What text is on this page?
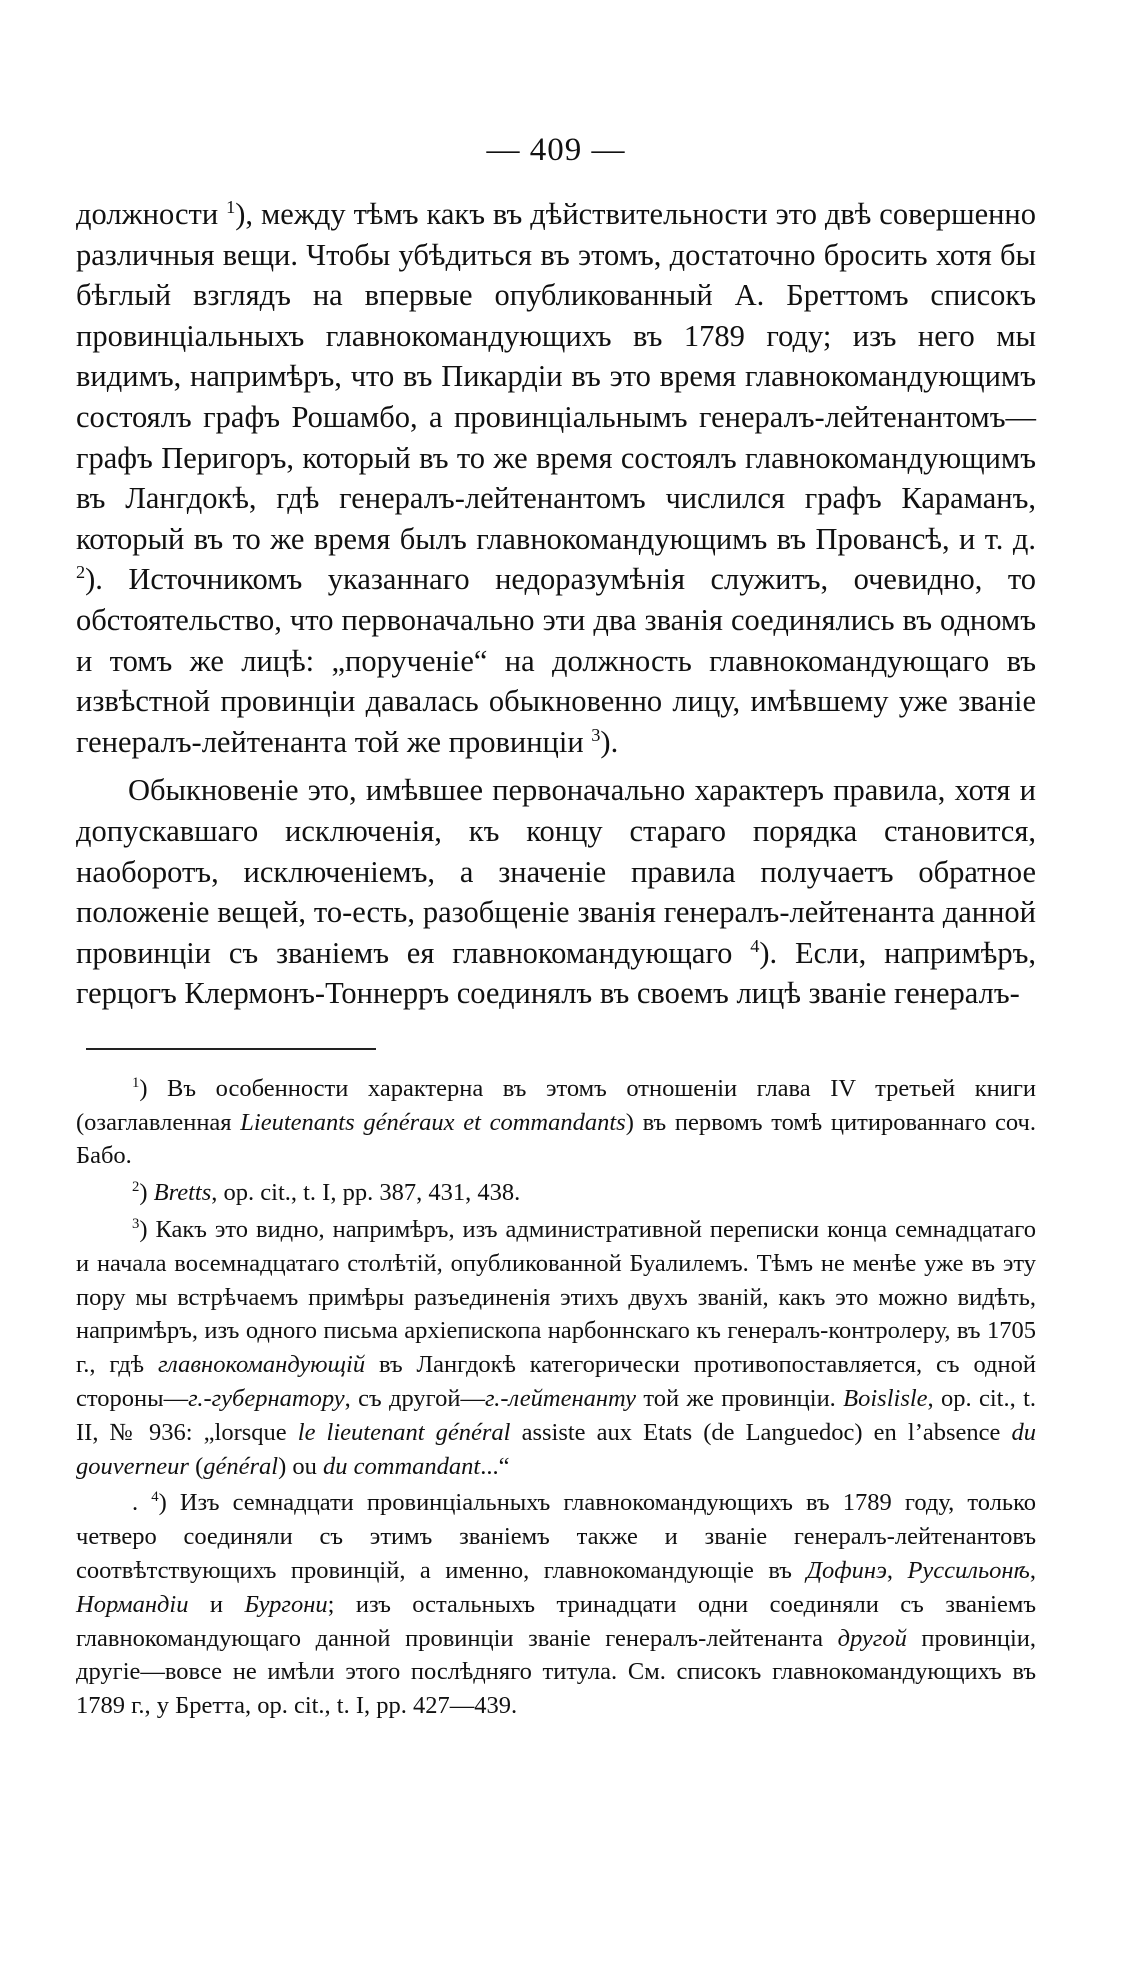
— 409 —

должности $^1$), между тѣмъ какъ въ дѣйствительности это двѣ совершенно различныя вещи. Чтобы убѣдиться въ этомъ, достаточно бросить хотя бы бѣглый взглядъ на впервые опубликованный А. Бреттомъ списокъ провинціальныхъ главнокомандующихъ въ 1789 году; изъ него мы видимъ, напримѣръ, что въ Пикардіи въ это время главнокомандующимъ состоялъ графъ Рошамбо, а провинціальнымъ генералъ-лейтенантомъ—графъ Перигоръ, который въ то же время состоялъ главнокомандующимъ въ Лангдокѣ, гдѣ генералъ-лейтенантомъ числился графъ Караманъ, который въ то же время былъ главнокомандующимъ въ Провансѣ, и т. д. $^2$). Источникомъ указаннаго недоразумѣнія служитъ, очевидно, то обстоятельство, что первоначально эти два званія соединялись въ одномъ и томъ же лицѣ: „порученіе“ на должность главнокомандующаго въ извѣстной провинціи давалась обыкновенно лицу, имѣвшему уже званіе генералъ-лейтенанта той же провинціи $^3$).

Обыкновеніе это, имѣвшее первоначально характеръ правила, хотя и допускавшаго исключенія, къ концу стараго порядка становится, наоборотъ, исключеніемъ, а значеніе правила получаетъ обратное положеніе вещей, то-есть, разобщеніе званія генералъ-лейтенанта данной провинціи съ званіемъ ея главнокомандующаго $^4$). Если, напримѣръ, герцогъ Клермонъ-Тоннерръ соединялъ въ своемъ лицѣ званіе генералъ-

$^1$) Въ особенности характерна въ этомъ отношеніи глава IV третьей книги (озаглавленная Lieutenants généraux et commandants) въ первомъ томѣ цитированнаго соч. Бабо.

$^2$) Bretts, op. cit., t. I, pp. 387, 431, 438.

$^3$) Какъ это видно, напримѣръ, изъ административной переписки конца семнадцатаго и начала восемнадцатаго столѣтій, опубликованной Буалилемъ. Тѣмъ не менѣе уже въ эту пору мы встрѣчаемъ примѣры разъединенія этихъ двухъ званій, какъ это можно видѣть, напримѣръ, изъ одного письма архіепископа нарбоннскаго къ генералъ-контролеру, въ 1705 г., гдѣ главнокомандующій въ Лангдокѣ категорически противопоставляется, съ одной стороны—г.-губернатору, съ другой—г.-лейтенанту той же провинціи. Boislisle, op. cit., t. II, № 936: „lorsque le lieutenant général assiste aux Etats (de Languedoc) en l’absence du gouverneur (général) ou du commandant...“

. $^4$) Изъ семнадцати провинціальныхъ главнокомандующихъ въ 1789 году, только четверо соединяли съ этимъ званіемъ также и званіе генералъ-лейтенантовъ соотвѣтствующихъ провинцій, а именно, главнокомандующіе въ Дофинэ, Руссильонѣ, Нормандіи и Бургони; изъ остальныхъ тринадцати одни соединяли съ званіемъ главнокомандующаго данной провинціи званіе генералъ-лейтенанта другой провинціи, другіе—вовсе не имѣли этого послѣдняго титула. См. списокъ главнокомандующихъ въ 1789 г., у Бретта, op. cit., t. I, pp. 427—439.
